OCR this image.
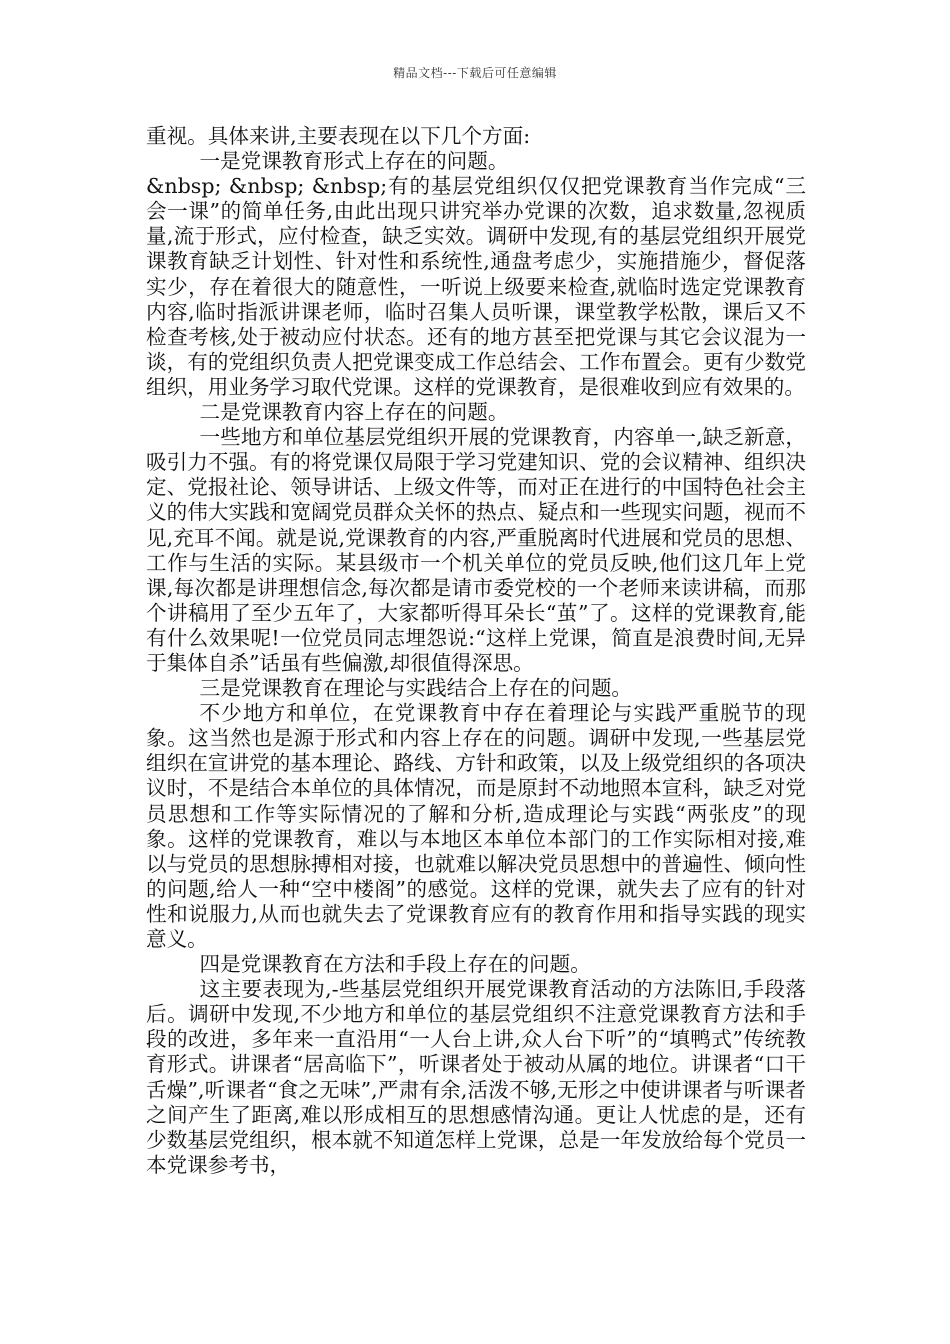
精品文档---下载后可任意编辑

重视。具体来讲,主要表现在以下几个方面:

一是党课教育形式上存在的问题。

&nbsp; &nbsp; &nbsp;有的基层党组织仅仅把党课教育当作完成“三会一课”的简单任务,由此出现只讲究举办党课的次数，追求数量,忽视质量,流于形式，应付检查，缺乏实效。调研中发现,有的基层党组织开展党课教育缺乏计划性、针对性和系统性,通盘考虑少，实施措施少，督促落实少，存在着很大的随意性，一听说上级要来检查,就临时选定党课教育内容,临时指派讲课老师，临时召集人员听课，课堂教学松散，课后又不检查考核,处于被动应付状态。还有的地方甚至把党课与其它会议混为一谈，有的党组织负责人把党课变成工作总结会、工作布置会。更有少数党组织，用业务学习取代党课。这样的党课教育，是很难收到应有效果的。

二是党课教育内容上存在的问题。

一些地方和单位基层党组织开展的党课教育，内容单一,缺乏新意，吸引力不强。有的将党课仅局限于学习党建知识、党的会议精神、组织决定、党报社论、领导讲话、上级文件等，而对正在进行的中国特色社会主义的伟大实践和宽阔党员群众关怀的热点、疑点和一些现实问题，视而不见,充耳不闻。就是说,党课教育的内容,严重脱离时代进展和党员的思想、工作与生活的实际。某县级市一个机关单位的党员反映,他们这几年上党课,每次都是讲理想信念,每次都是请市委党校的一个老师来读讲稿，而那个讲稿用了至少五年了，大家都听得耳朵长“茧”了。这样的党课教育,能有什么效果呢!一位党员同志埋怨说:“这样上党课，简直是浪费时间,无异于集体自杀”话虽有些偏激,却很值得深思。

三是党课教育在理论与实践结合上存在的问题。

不少地方和单位，在党课教育中存在着理论与实践严重脱节的现象。这当然也是源于形式和内容上存在的问题。调研中发现,一些基层党组织在宣讲党的基本理论、路线、方针和政策，以及上级党组织的各项决议时，不是结合本单位的具体情况，而是原封不动地照本宣科，缺乏对党员思想和工作等实际情况的了解和分析,造成理论与实践“两张皮”的现象。这样的党课教育，难以与本地区本单位本部门的工作实际相对接,难以与党员的思想脉搏相对接，也就难以解决党员思想中的普遍性、倾向性的问题,给人一种“空中楼阁”的感觉。这样的党课，就失去了应有的针对性和说服力,从而也就失去了党课教育应有的教育作用和指导实践的现实意义。

四是党课教育在方法和手段上存在的问题。

这主要表现为,-些基层党组织开展党课教育活动的方法陈旧,手段落后。调研中发现,不少地方和单位的基层党组织不注意党课教育方法和手段的改进，多年来一直沿用“一人台上讲,众人台下听”的“填鸭式”传统教育形式。讲课者“居高临下”，听课者处于被动从属的地位。讲课者“口干舌燥”,听课者“食之无味”,严肃有余,活泼不够,无形之中使讲课者与听课者之间产生了距离,难以形成相互的思想感情沟通。更让人忧虑的是，还有少数基层党组织，根本就不知道怎样上党课，总是一年发放给每个党员一本党课参考书，
